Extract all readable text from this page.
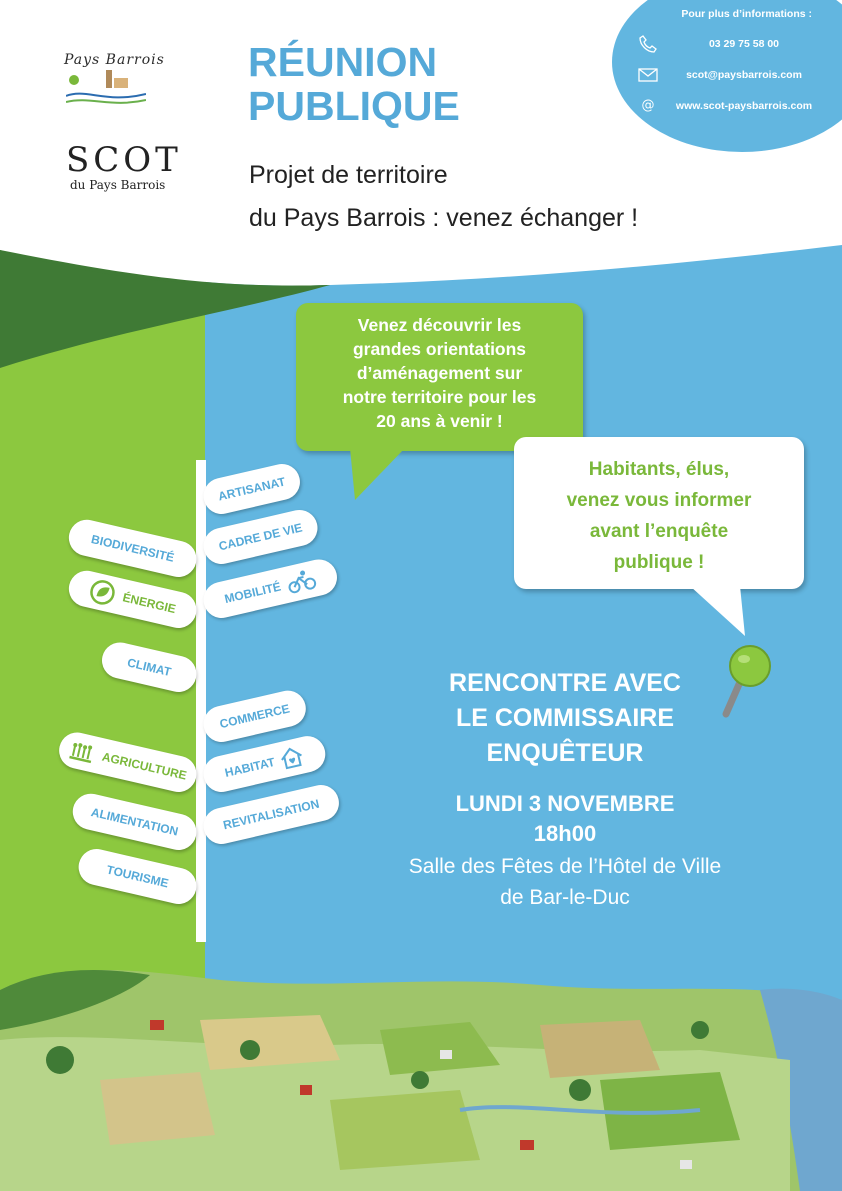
Pour plus d’informations :
03 29 75 58 00
scot@paysbarrois.com
@	www.scot-paysbarrois.com
Pays Barrois
SCOT
du Pays Barrois
RÉUNION
PUBLIQUE
Projet de territoire
du Pays Barrois : venez échanger !
Venez découvrir les
grandes orientations
d’aménagement sur
notre territoire pour les
20 ans à venir !
Habitants, élus,
venez vous informer
avant l’enquête
publique !
ARTISANAT
CADRE DE VIE
MOBILITÉ
BIODIVERSITÉ
ÉNERGIE
CLIMAT
COMMERCE
HABITAT
REVITALISATION
AGRICULTURE
ALIMENTATION
TOURISME
RENCONTRE AVEC
LE COMMISSAIRE
ENQUÊTEUR
LUNDI 3 NOVEMBRE
18h00
Salle des Fêtes de l’Hôtel de Ville
de Bar-le-Duc
